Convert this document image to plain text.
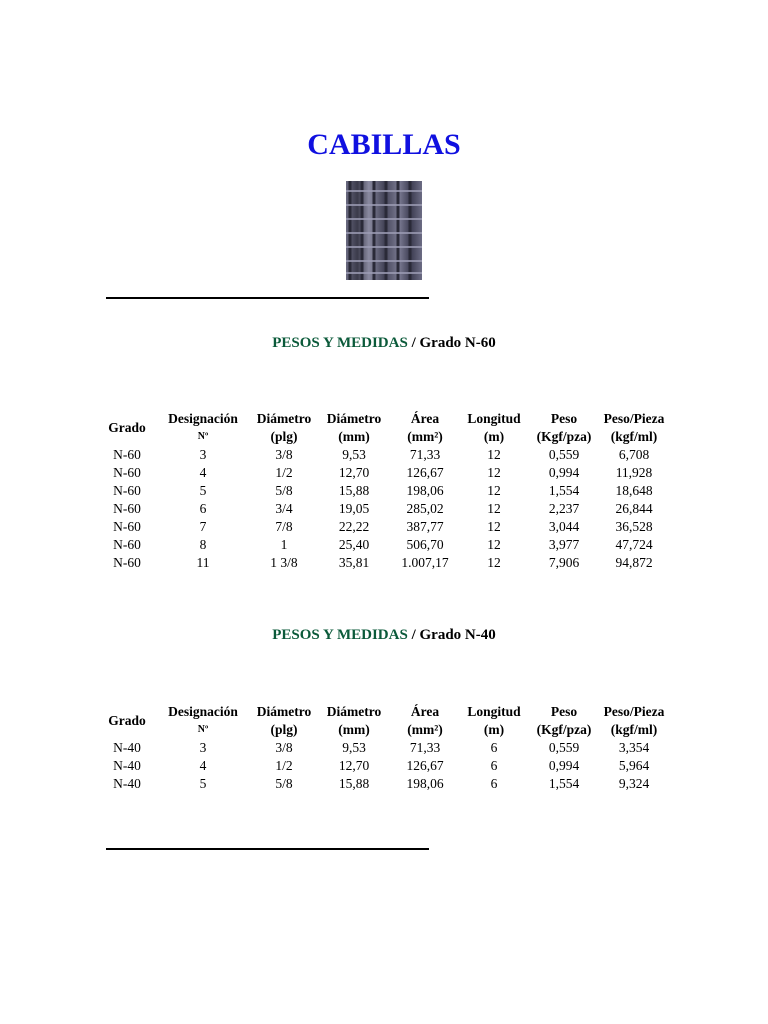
CABILLAS

PESOS Y MEDIDAS / Grado N-60

Grado	Designación	Diámetro	Diámetro	Área	Longitud	Peso	Peso/Pieza
	Nº	(plg)	(mm)	(mm²)	(m)	(Kgf/pza)	(kgf/ml)
N-60	3	3/8	9,53	71,33	12	0,559	6,708
N-60	4	1/2	12,70	126,67	12	0,994	11,928
N-60	5	5/8	15,88	198,06	12	1,554	18,648
N-60	6	3/4	19,05	285,02	12	2,237	26,844
N-60	7	7/8	22,22	387,77	12	3,044	36,528
N-60	8	1	25,40	506,70	12	3,977	47,724
N-60	11	1 3/8	35,81	1.007,17	12	7,906	94,872

PESOS Y MEDIDAS / Grado N-40

Grado	Designación	Diámetro	Diámetro	Área	Longitud	Peso	Peso/Pieza
	Nº	(plg)	(mm)	(mm²)	(m)	(Kgf/pza)	(kgf/ml)
N-40	3	3/8	9,53	71,33	6	0,559	3,354
N-40	4	1/2	12,70	126,67	6	0,994	5,964
N-40	5	5/8	15,88	198,06	6	1,554	9,324
